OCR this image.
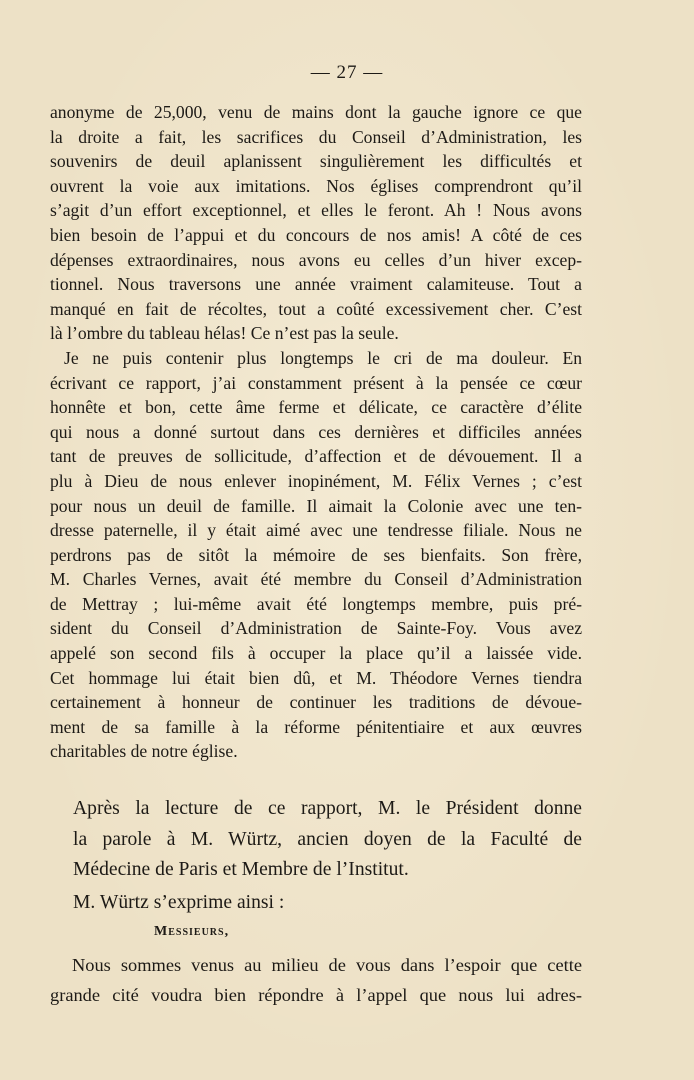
— 27 —
anonyme de 25,000, venu de mains dont la gauche ignore ce que
la droite a fait, les sacrifices du Conseil d’Administration, les
souvenirs de deuil aplanissent singulièrement les difficultés et
ouvrent la voie aux imitations. Nos églises comprendront qu’il
s’agit d’un effort exceptionnel, et elles le feront. Ah ! Nous avons
bien besoin de l’appui et du concours de nos amis! A côté de ces
dépenses extraordinaires, nous avons eu celles d’un hiver excep-
tionnel. Nous traversons une année vraiment calamiteuse. Tout a
manqué en fait de récoltes, tout a coûté excessivement cher. C’est
là l’ombre du tableau hélas! Ce n’est pas la seule.
Je ne puis contenir plus longtemps le cri de ma douleur. En
écrivant ce rapport, j’ai constamment présent à la pensée ce cœur
honnête et bon, cette âme ferme et délicate, ce caractère d’élite
qui nous a donné surtout dans ces dernières et difficiles années
tant de preuves de sollicitude, d’affection et de dévouement. Il a
plu à Dieu de nous enlever inopinément, M. Félix Vernes ; c’est
pour nous un deuil de famille. Il aimait la Colonie avec une ten-
dresse paternelle, il y était aimé avec une tendresse filiale. Nous ne
perdrons pas de sitôt la mémoire de ses bienfaits. Son frère,
M. Charles Vernes, avait été membre du Conseil d’Administration
de Mettray ; lui-même avait été longtemps membre, puis pré-
sident du Conseil d’Administration de Sainte-Foy. Vous avez
appelé son second fils à occuper la place qu’il a laissée vide.
Cet hommage lui était bien dû, et M. Théodore Vernes tiendra
certainement à honneur de continuer les traditions de dévoue-
ment de sa famille à la réforme pénitentiaire et aux œuvres
charitables de notre église.
Après la lecture de ce rapport, M. le Président donne
la parole à M. Würtz, ancien doyen de la Faculté de
Médecine de Paris et Membre de l’Institut.
M. Würtz s’exprime ainsi :
Messieurs,
Nous sommes venus au milieu de vous dans l’espoir que cette
grande cité voudra bien répondre à l’appel que nous lui adres-
